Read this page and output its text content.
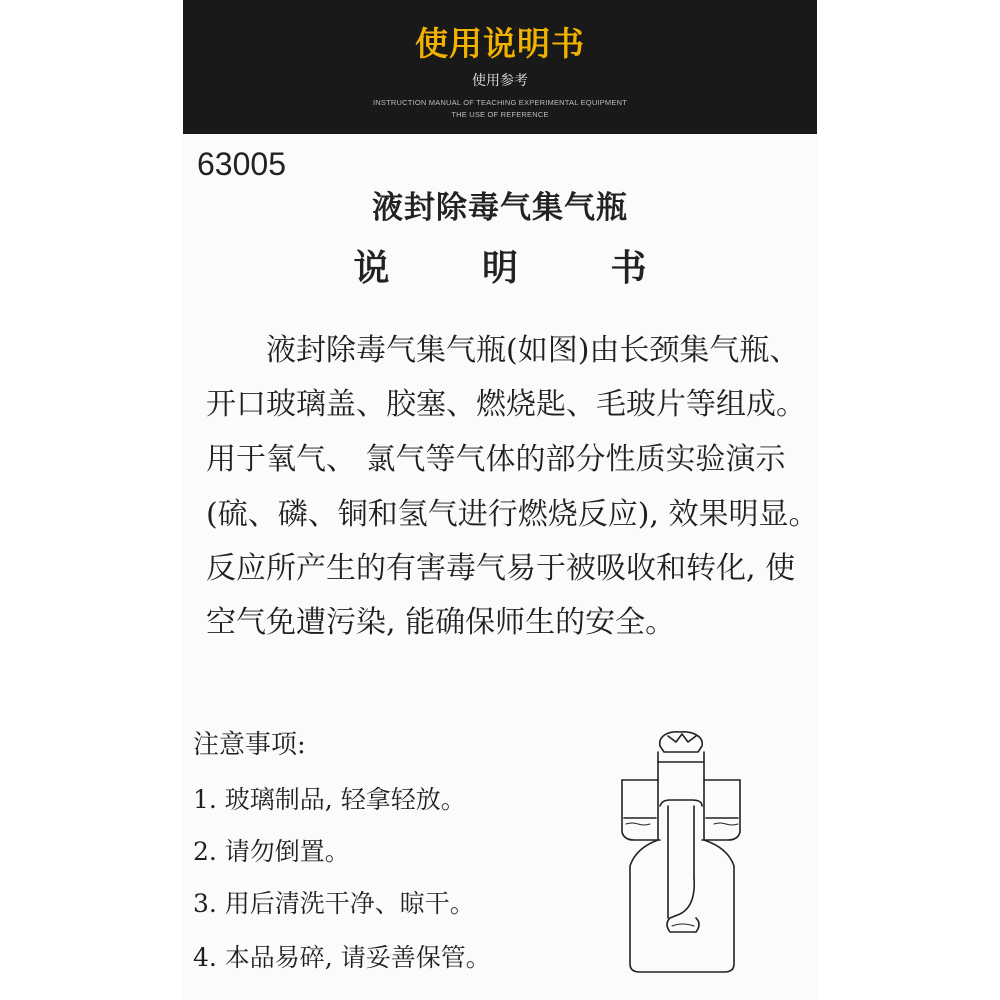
使用说明书
使用参考
INSTRUCTION MANUAL OF TEACHING EXPERIMENTAL EQUIPMENT
THE USE OF REFERENCE
63005
液封除毒气集气瓶
说 明 书
　　液封除毒气集气瓶(如图)由长颈集气瓶、
开口玻璃盖、胶塞、燃烧匙、毛玻片等组成。
用于氧气、 氯气等气体的部分性质实验演示
(硫、磷、铜和氢气进行燃烧反应), 效果明显。
反应所产生的有害毒气易于被吸收和转化, 使
空气免遭污染, 能确保师生的安全。
注意事项:
1. 玻璃制品, 轻拿轻放。
2. 请勿倒置。
3. 用后清洗干净、晾干。
4. 本品易碎, 请妥善保管。
